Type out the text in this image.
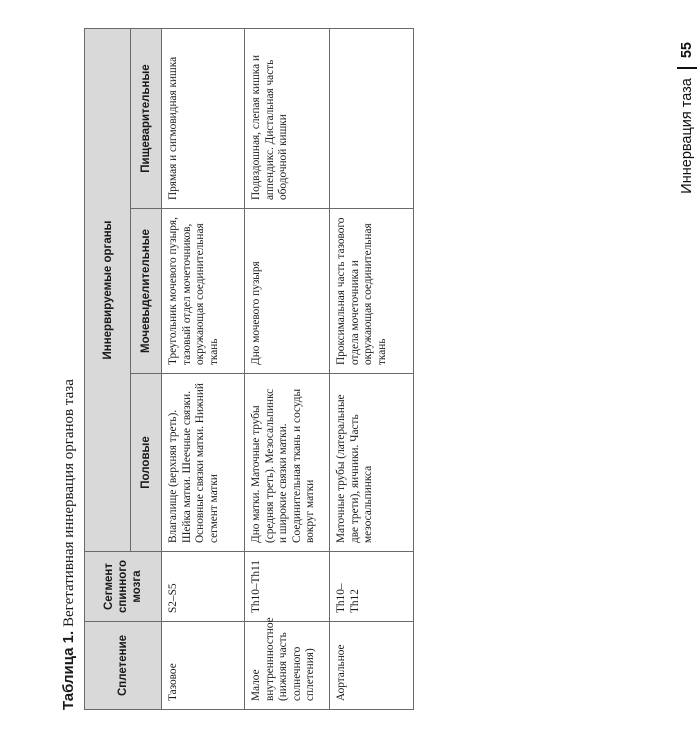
Таблица 1. Вегетативная иннервация органов таза
Сплетение	Сегмент спинного мозга	Иннервируемые органы		
		Половые	Мочевыделительные	Пищеварительные
Тазовое	S2–S5	Влагалище (верхняя треть). Шейка матки. Шеечные связки. Основные связки матки. Нижний сегмент матки	Треугольник мочевого пузыря, тазовый отдел мочеточников, окружающая соединительная ткань	Прямая и сигмовидная кишка
Малое внутреннностное (нижняя часть солнечного сплетения)	Th10–Th11	Дно матки. Маточные трубы (средняя треть). Мезосальпинкс и широкие связки матки. Соединительная ткань и сосуды вокруг матки	Дно мочевого пузыря	Подвздошная, слепая кишка и аппендикс. Дистальная часть ободочной кишки
Аортальное	Th10–Th12	Маточные трубы (латеральные две трети), яичники. Часть мезосальпинкса	Проксимальная часть тазового отдела мочеточника и окружающая соединительная ткань	
Иннервация таза
55
